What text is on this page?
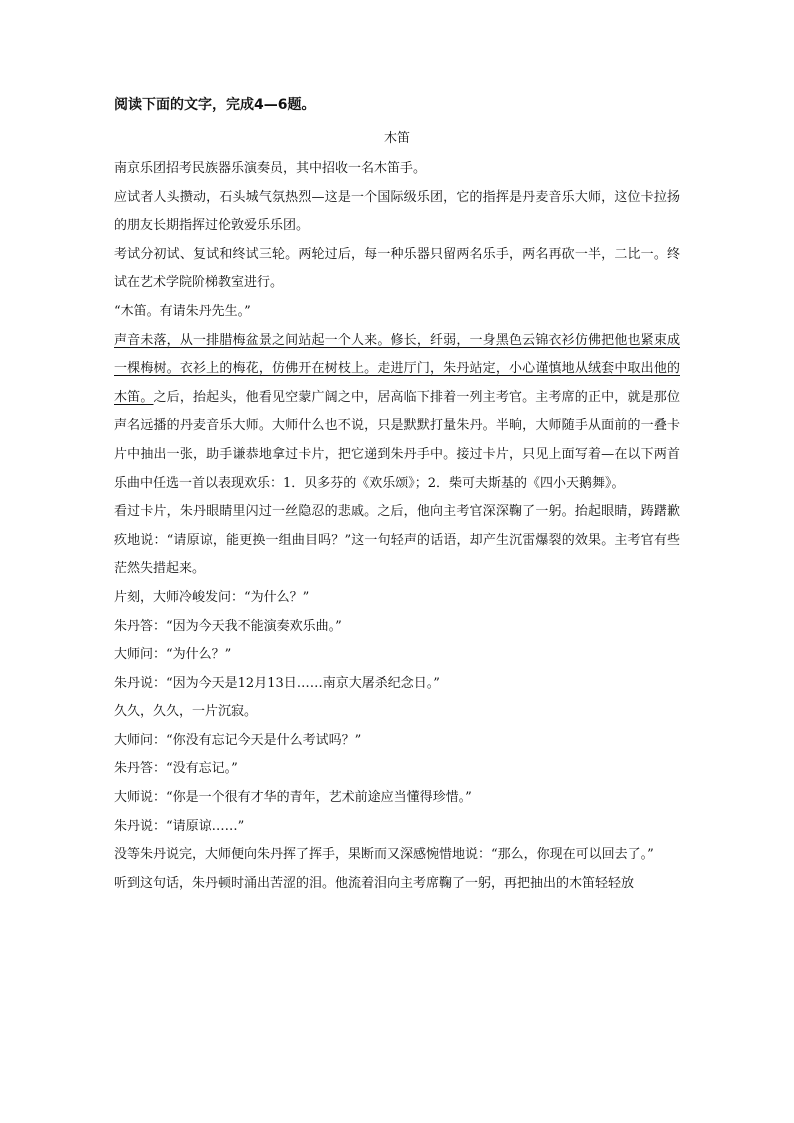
阅读下面的文字，完成4—6题。

木笛

南京乐团招考民族器乐演奏员，其中招收一名木笛手。

应试者人头攒动，石头城气氛热烈—这是一个国际级乐团，它的指挥是丹麦音乐大师，这位卡拉扬的朋友长期指挥过伦敦爱乐乐团。

考试分初试、复试和终试三轮。两轮过后，每一种乐器只留两名乐手，两名再砍一半，二比一。终试在艺术学院阶梯教室进行。

“木笛。有请朱丹先生。”

声音未落，从一排腊梅盆景之间站起一个人来。修长，纤弱，一身黑色云锦衣衫仿佛把他也紧束成一棵梅树。衣衫上的梅花，仿佛开在树枝上。走进厅门，朱丹站定，小心谨慎地从绒套中取出他的木笛。之后，抬起头，他看见空蒙广阔之中，居高临下排着一列主考官。主考席的正中，就是那位声名远播的丹麦音乐大师。大师什么也不说，只是默默打量朱丹。半晌，大师随手从面前的一叠卡片中抽出一张，助手谦恭地拿过卡片，把它递到朱丹手中。接过卡片，只见上面写着—在以下两首乐曲中任选一首以表现欢乐：1．贝多芬的《欢乐颂》；2．柴可夫斯基的《四小天鹅舞》。

看过卡片，朱丹眼睛里闪过一丝隐忍的悲戚。之后，他向主考官深深鞠了一躬。抬起眼睛，踌躇歉疚地说：“请原谅，能更换一组曲目吗？”这一句轻声的话语，却产生沉雷爆裂的效果。主考官有些茫然失措起来。

片刻，大师冷峻发问：“为什么？”

朱丹答：“因为今天我不能演奏欢乐曲。”

大师问：“为什么？”

朱丹说：“因为今天是12月13日……南京大屠杀纪念日。”

久久，久久，一片沉寂。

大师问：“你没有忘记今天是什么考试吗？”

朱丹答：“没有忘记。”

大师说：“你是一个很有才华的青年，艺术前途应当懂得珍惜。”

朱丹说：“请原谅……”

没等朱丹说完，大师便向朱丹挥了挥手，果断而又深感惋惜地说：“那么，你现在可以回去了。”

听到这句话，朱丹顿时涌出苦涩的泪。他流着泪向主考席鞠了一躬，再把抽出的木笛轻轻放
